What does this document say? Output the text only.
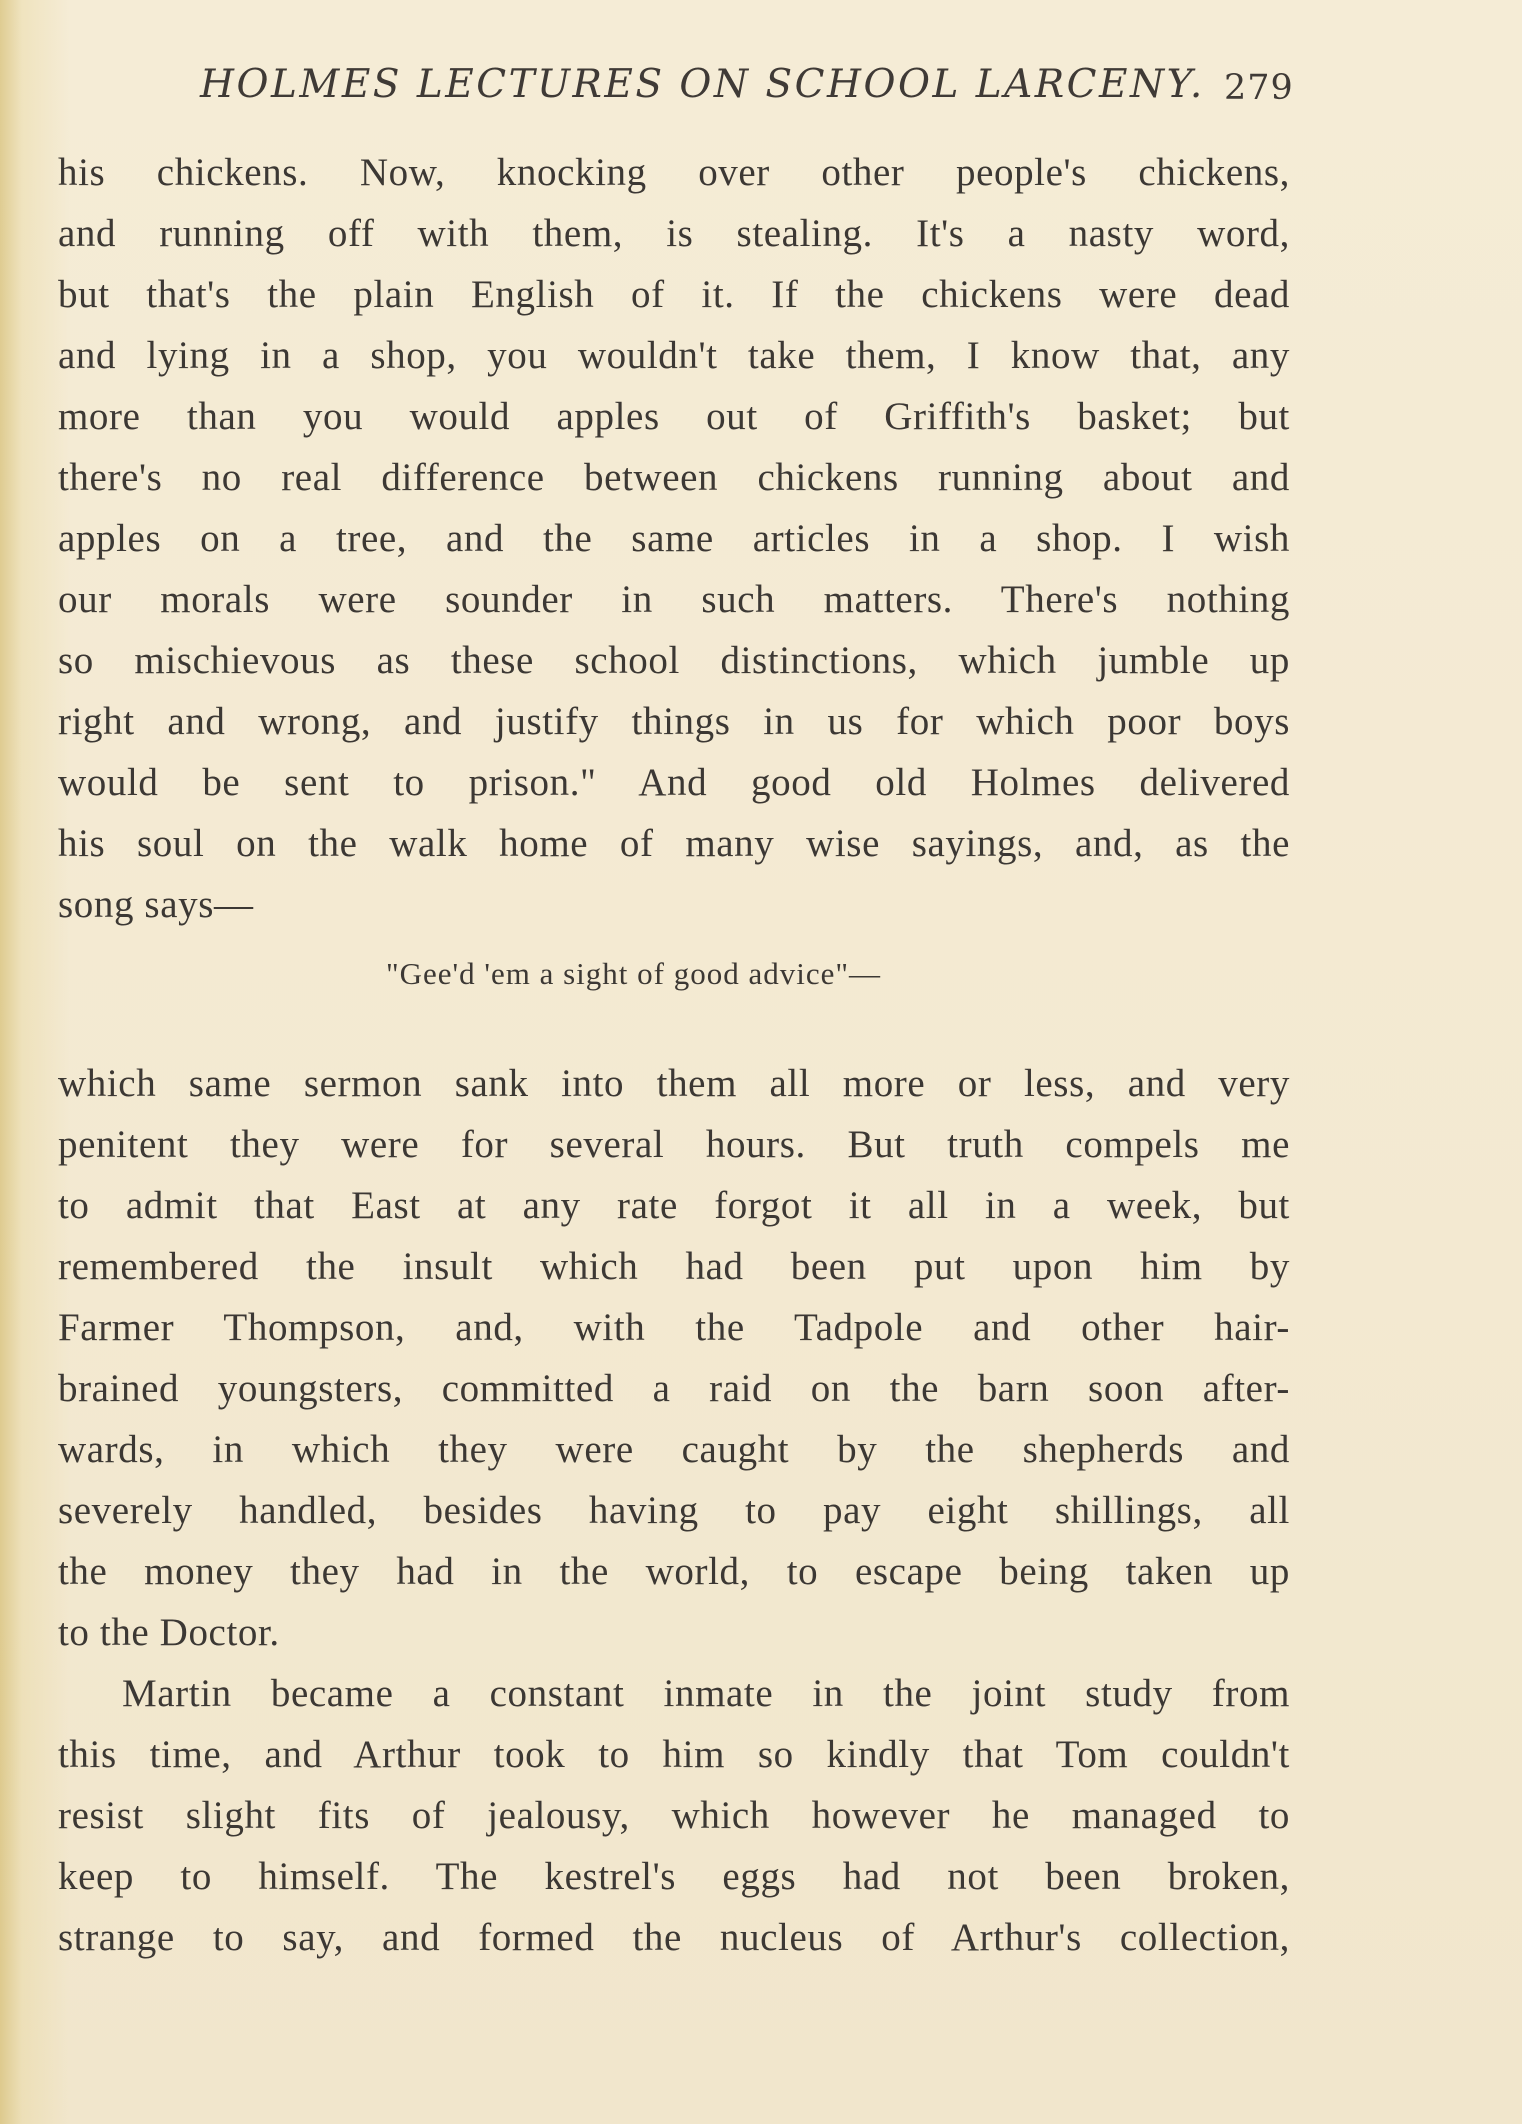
HOLMES LECTURES ON SCHOOL LARCENY. 279
his chickens. Now, knocking over other people's chickens,
and running off with them, is stealing. It's a nasty word,
but that's the plain English of it. If the chickens were dead
and lying in a shop, you wouldn't take them, I know that, any
more than you would apples out of Griffith's basket; but
there's no real difference between chickens running about and
apples on a tree, and the same articles in a shop. I wish
our morals were sounder in such matters. There's nothing
so mischievous as these school distinctions, which jumble up
right and wrong, and justify things in us for which poor boys
would be sent to prison." And good old Holmes delivered
his soul on the walk home of many wise sayings, and, as the
song says—
"Gee'd 'em a sight of good advice"—
which same sermon sank into them all more or less, and very
penitent they were for several hours. But truth compels me
to admit that East at any rate forgot it all in a week, but
remembered the insult which had been put upon him by
Farmer Thompson, and, with the Tadpole and other hair-
brained youngsters, committed a raid on the barn soon after-
wards, in which they were caught by the shepherds and
severely handled, besides having to pay eight shillings, all
the money they had in the world, to escape being taken up
to the Doctor.
Martin became a constant inmate in the joint study from
this time, and Arthur took to him so kindly that Tom couldn't
resist slight fits of jealousy, which however he managed to
keep to himself. The kestrel's eggs had not been broken,
strange to say, and formed the nucleus of Arthur's collection,
